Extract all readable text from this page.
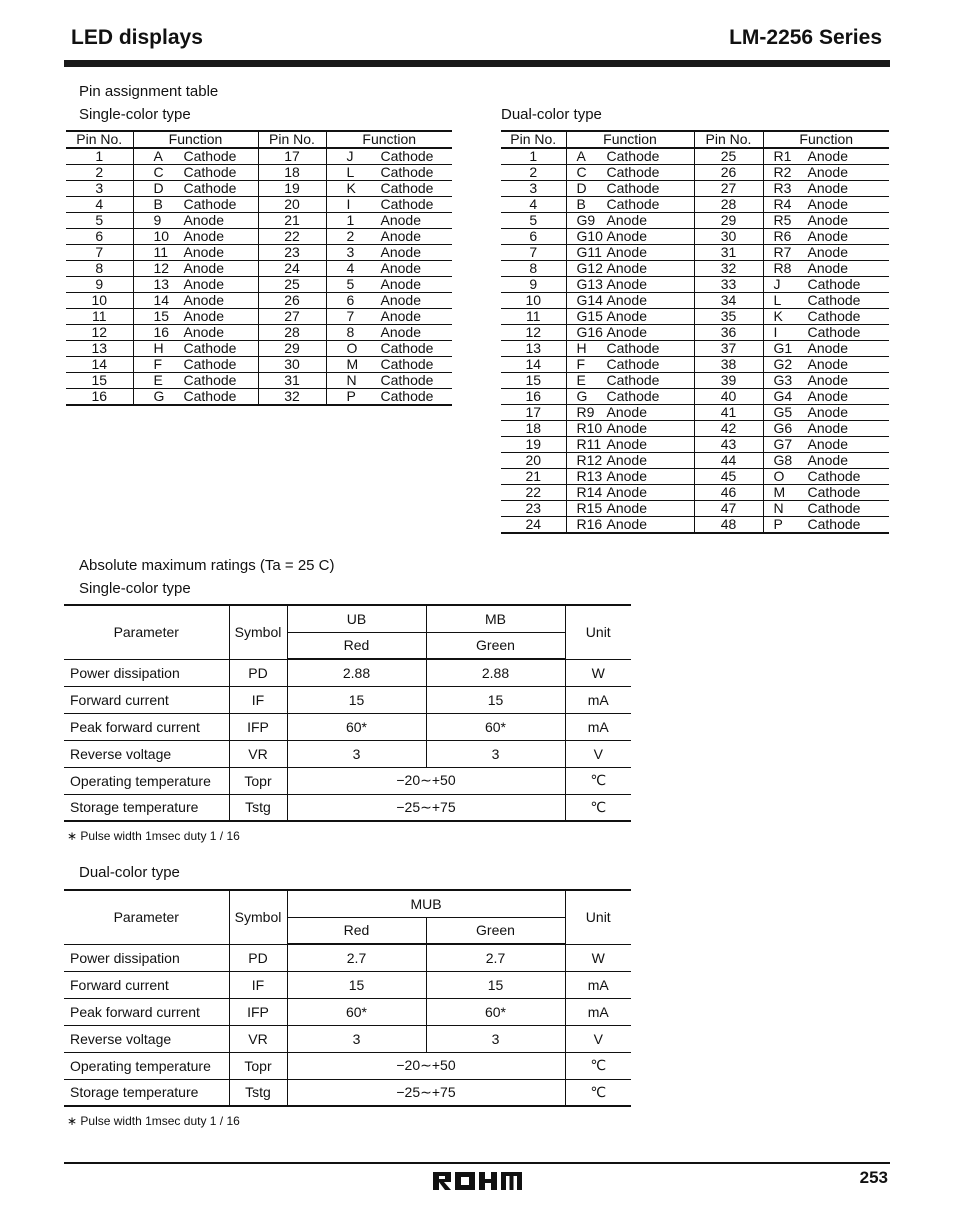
LED displays	LM-2256 Series
Pin assignment table
Single-color type	Dual-color type
Pin No.	Function	Pin No.	Function
1	A Cathode	17	J Cathode
2	C Cathode	18	L Cathode
3	D Cathode	19	K Cathode
4	B Cathode	20	I Cathode
5	9 Anode	21	1 Anode
6	10 Anode	22	2 Anode
7	11 Anode	23	3 Anode
8	12 Anode	24	4 Anode
9	13 Anode	25	5 Anode
10	14 Anode	26	6 Anode
11	15 Anode	27	7 Anode
12	16 Anode	28	8 Anode
13	H Cathode	29	O Cathode
14	F Cathode	30	M Cathode
15	E Cathode	31	N Cathode
16	G Cathode	32	P Cathode
Pin No.	Function	Pin No.	Function
1	A Cathode	25	R1 Anode
2	C Cathode	26	R2 Anode
3	D Cathode	27	R3 Anode
4	B Cathode	28	R4 Anode
5	G9 Anode	29	R5 Anode
6	G10 Anode	30	R6 Anode
7	G11 Anode	31	R7 Anode
8	G12 Anode	32	R8 Anode
9	G13 Anode	33	J Cathode
10	G14 Anode	34	L Cathode
11	G15 Anode	35	K Cathode
12	G16 Anode	36	I Cathode
13	H Cathode	37	G1 Anode
14	F Cathode	38	G2 Anode
15	E Cathode	39	G3 Anode
16	G Cathode	40	G4 Anode
17	R9 Anode	41	G5 Anode
18	R10 Anode	42	G6 Anode
19	R11 Anode	43	G7 Anode
20	R12 Anode	44	G8 Anode
21	R13 Anode	45	O Cathode
22	R14 Anode	46	M Cathode
23	R15 Anode	47	N Cathode
24	R16 Anode	48	P Cathode
Absolute maximum ratings (Ta = 25 C)
Single-color type
Parameter	Symbol	UB	MB	Unit
		Red	Green	
Power dissipation	PD	2.88	2.88	W
Forward current	IF	15	15	mA
Peak forward current	IFP	60*	60*	mA
Reverse voltage	VR	3	3	V
Operating temperature	Topr	−20∼+50		℃
Storage temperature	Tstg	−25∼+75		℃
∗ Pulse width 1msec duty 1 / 16
Dual-color type
Parameter	Symbol	MUB		Unit
		Red	Green	
Power dissipation	PD	2.7	2.7	W
Forward current	IF	15	15	mA
Peak forward current	IFP	60*	60*	mA
Reverse voltage	VR	3	3	V
Operating temperature	Topr	−20∼+50		℃
Storage temperature	Tstg	−25∼+75		℃
∗ Pulse width 1msec duty 1 / 16
253
